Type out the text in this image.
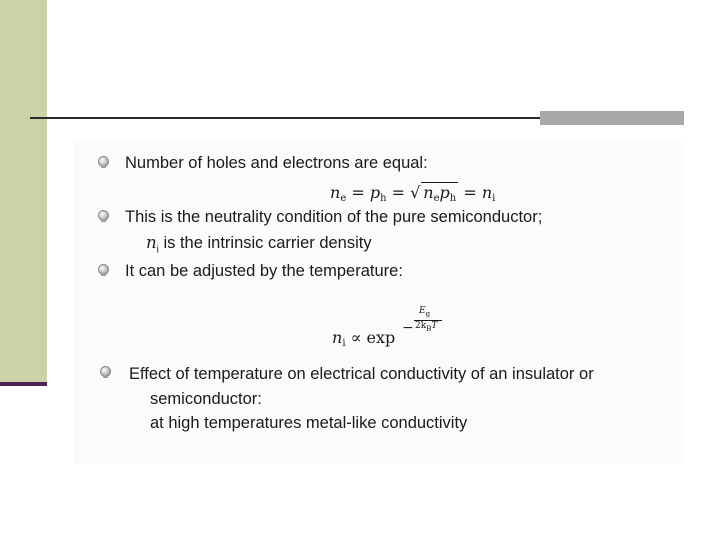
Number of holes and electrons are equal:
$n_e = p_h$ = √ $n_ep_h = n_i$
This is the neutrality condition of the pure semiconductor;
$n_i$ is the intrinsic carrier density
It can be adjusted by the temperature:
$n_i \propto \exp$ −
$E_g$
$2k_BT$
Effect of temperature on electrical conductivity of an insulator or
semiconductor:
at high temperatures metal-like conductivity
